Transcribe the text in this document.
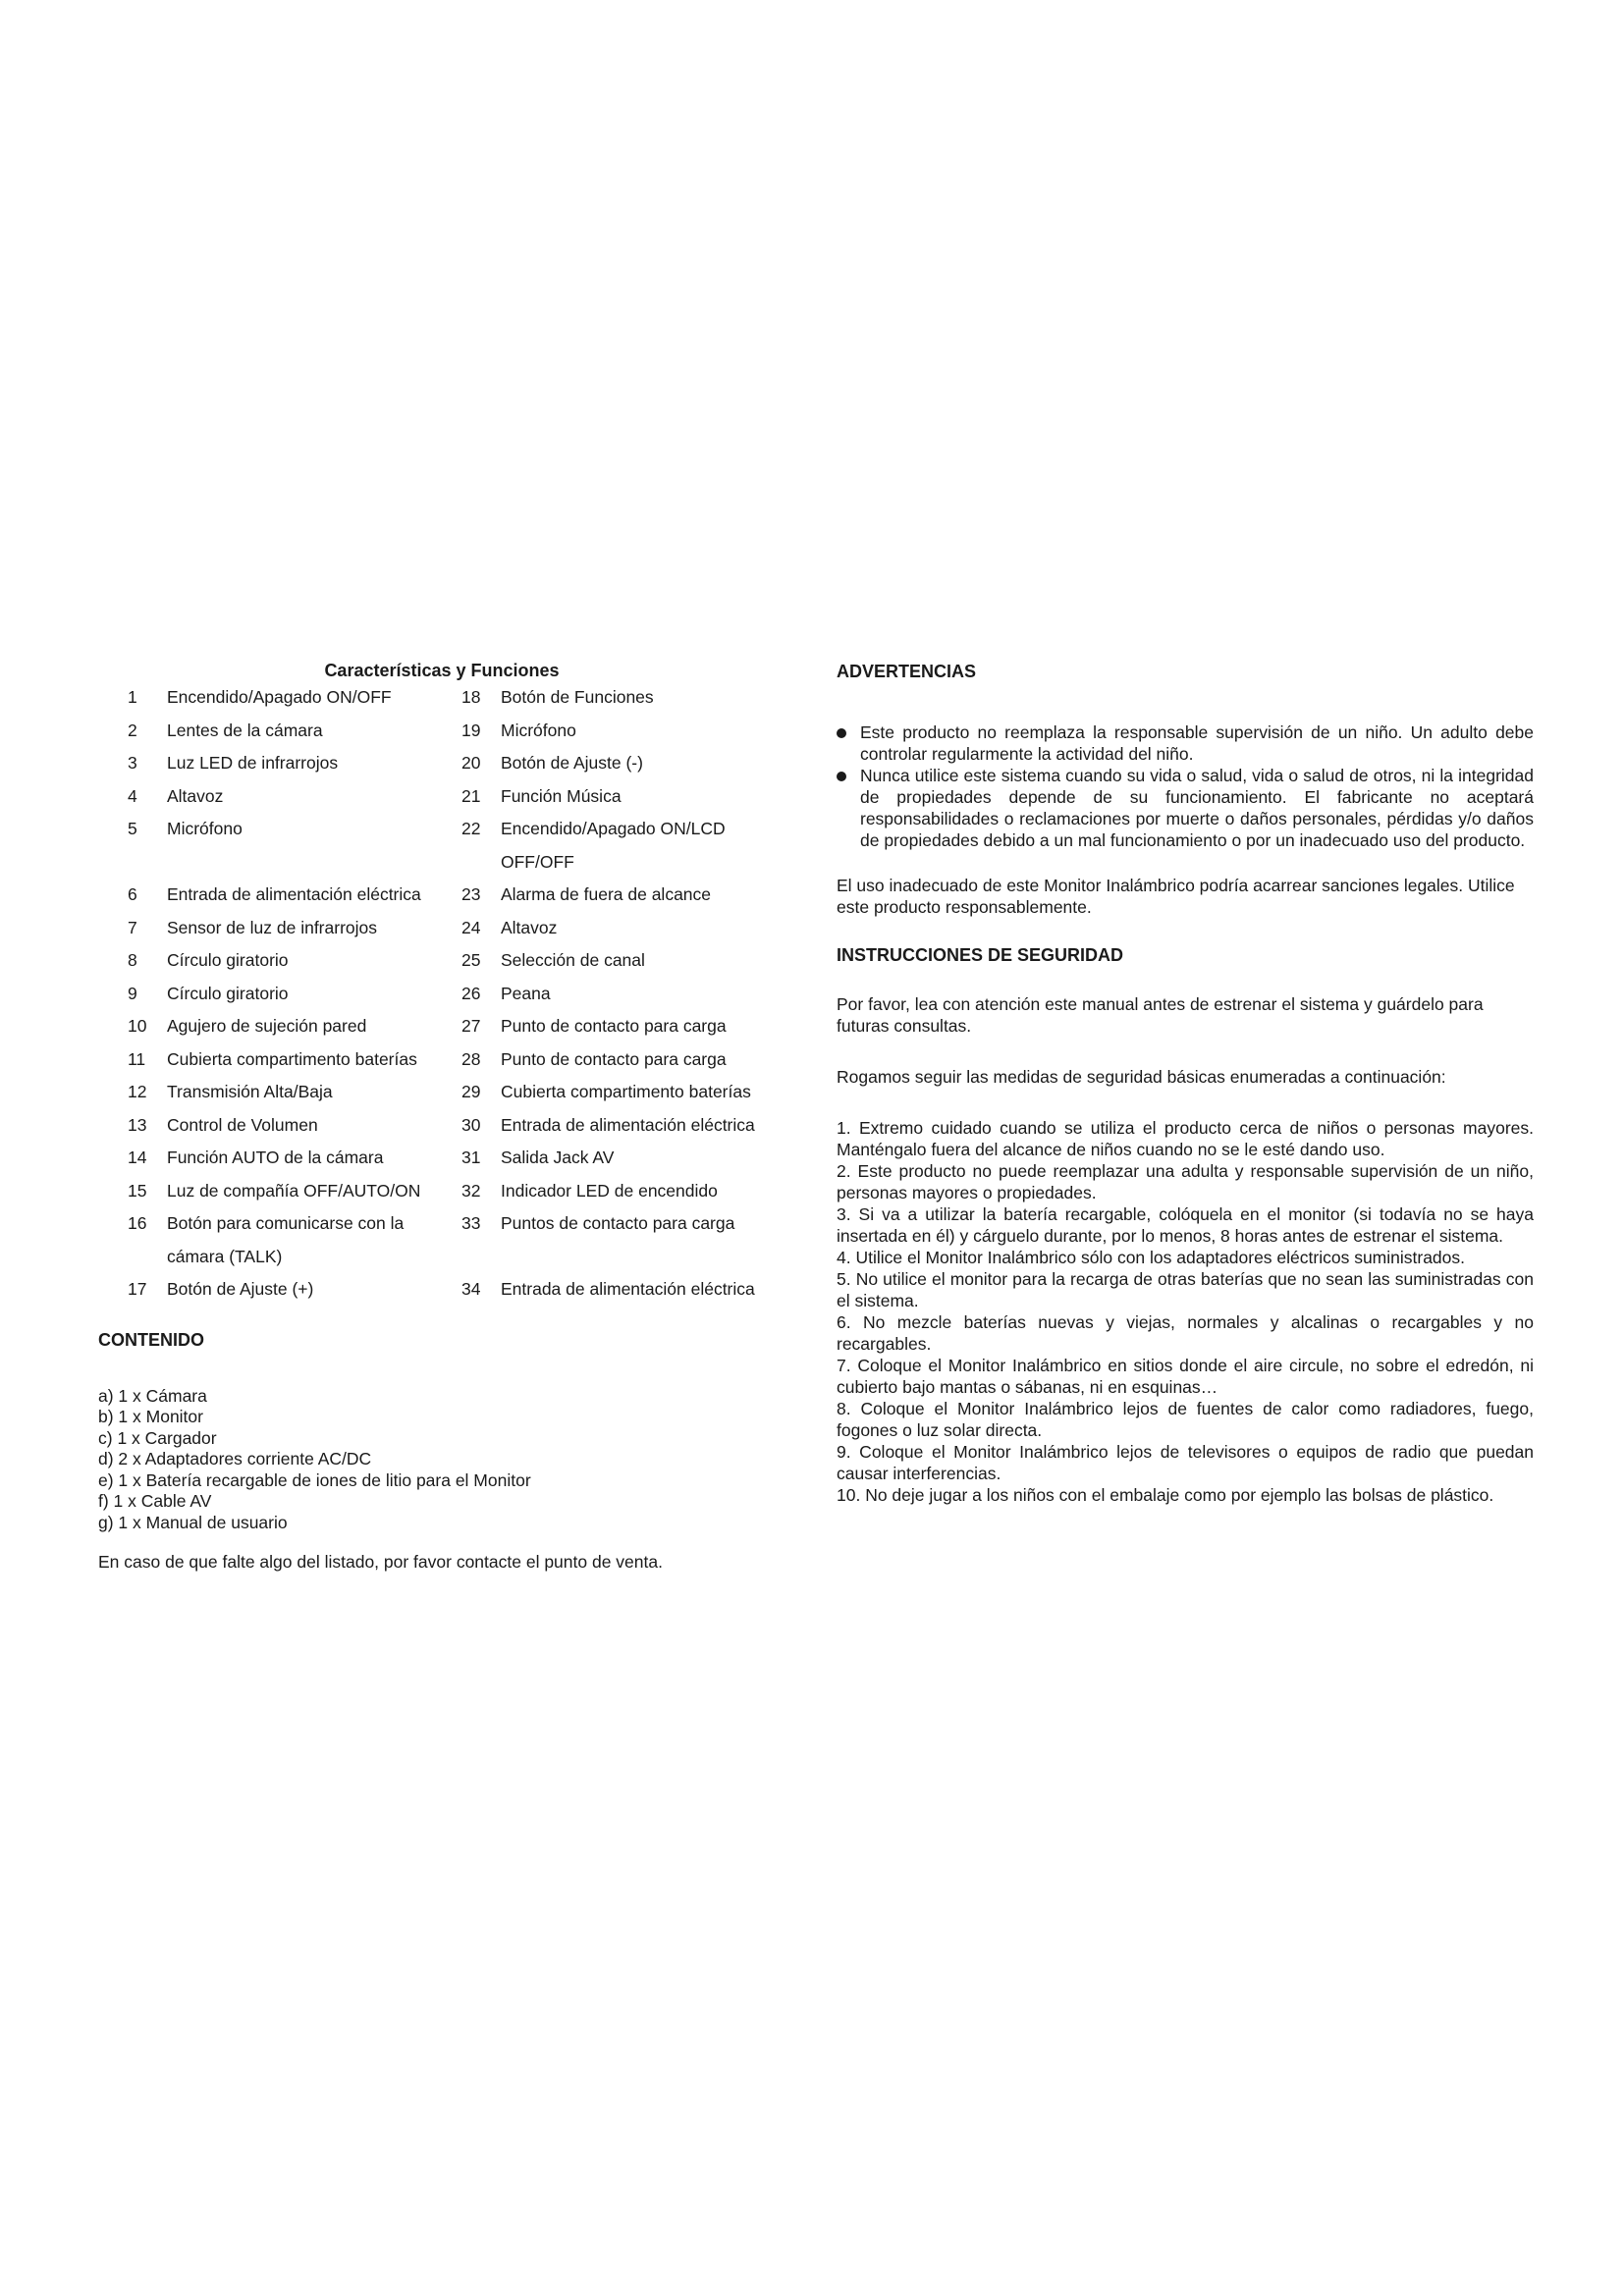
Características y Funciones
1	Encendido/Apagado ON/OFF	18	Botón de Funciones
2	Lentes de la cámara	19	Micrófono
3	Luz LED de infrarrojos	20	Botón de Ajuste (-)
4	Altavoz	21	Función Música
5	Micrófono	22	Encendido/Apagado ON/LCD OFF/OFF
6	Entrada de alimentación eléctrica	23	Alarma de fuera de alcance
7	Sensor de luz de infrarrojos	24	Altavoz
8	Círculo giratorio	25	Selección de canal
9	Círculo giratorio	26	Peana
10	Agujero de sujeción pared	27	Punto de contacto para carga
11	Cubierta compartimento baterías	28	Punto de contacto para carga
12	Transmisión Alta/Baja	29	Cubierta compartimento baterías
13	Control de Volumen	30	Entrada de alimentación eléctrica
14	Función AUTO de la cámara	31	Salida Jack AV
15	Luz de compañía OFF/AUTO/ON	32	Indicador LED de encendido
16	Botón para comunicarse con la cámara (TALK)	33	Puntos de contacto para carga
17	Botón de Ajuste (+)	34	Entrada de alimentación eléctrica
CONTENIDO
a) 1 x Cámara
b) 1 x Monitor
c) 1 x Cargador
d) 2 x Adaptadores corriente AC/DC
e) 1 x Batería recargable de iones de litio para el Monitor
f) 1 x Cable AV
g) 1 x Manual de usuario
En caso de que falte algo del listado, por favor contacte el punto de venta.
ADVERTENCIAS
Este producto no reemplaza la responsable supervisión de un niño. Un adulto debe controlar regularmente la actividad del niño.
Nunca utilice este sistema cuando su vida o salud, vida o salud de otros, ni la integridad de propiedades depende de su funcionamiento. El fabricante no aceptará responsabilidades o reclamaciones por muerte o daños personales, pérdidas y/o daños de propiedades debido a un mal funcionamiento o por un inadecuado uso del producto.

El uso inadecuado de este Monitor Inalámbrico podría acarrear sanciones legales. Utilice este producto responsablemente.

INSTRUCCIONES DE SEGURIDAD

Por favor, lea con atención este manual antes de estrenar el sistema y guárdelo para futuras consultas.

Rogamos seguir las medidas de seguridad básicas enumeradas a continuación:

1. Extremo cuidado cuando se utiliza el producto cerca de niños o personas mayores. Manténgalo fuera del alcance de niños cuando no se le esté dando uso.
2. Este producto no puede reemplazar una adulta y responsable supervisión de un niño, personas mayores o propiedades.
3. Si va a utilizar la batería recargable, colóquela en el monitor (si todavía no se haya insertada en él) y cárguelo durante, por lo menos, 8 horas antes de estrenar el sistema.
4. Utilice el Monitor Inalámbrico sólo con los adaptadores eléctricos suministrados.
5. No utilice el monitor para la recarga de otras baterías que no sean las suministradas con el sistema.
6. No mezcle baterías nuevas y viejas, normales y alcalinas o recargables y no recargables.
7. Coloque el Monitor Inalámbrico en sitios donde el aire circule, no sobre el edredón, ni cubierto bajo mantas o sábanas, ni en esquinas…
8. Coloque el Monitor Inalámbrico lejos de fuentes de calor como radiadores, fuego, fogones o luz solar directa.
9. Coloque el Monitor Inalámbrico lejos de televisores o equipos de radio que puedan causar interferencias.
10. No deje jugar a los niños con el embalaje como por ejemplo las bolsas de plástico.
